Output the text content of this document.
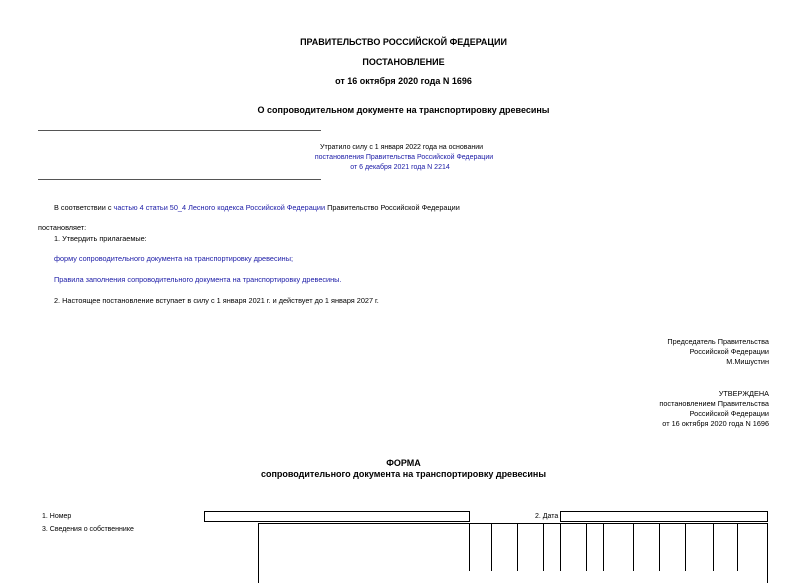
ПРАВИТЕЛЬСТВО РОССИЙСКОЙ ФЕДЕРАЦИИ
ПОСТАНОВЛЕНИЕ
от 16 октября 2020 года N 1696
О сопроводительном документе на транспортировку древесины
Утратило силу с 1 января 2022 года на основании
постановления Правительства Российской Федерации
от 6 декабря 2021 года N 2214
В соответствии с частью 4 статьи 50_4 Лесного кодекса Российской Федерации Правительство Российской Федерации
постановляет:
1. Утвердить прилагаемые:
форму сопроводительного документа на транспортировку древесины;
Правила заполнения сопроводительного документа на транспортировку древесины.
2. Настоящее постановление вступает в силу с 1 января 2021 г. и действует до 1 января 2027 г.
Председатель Правительства
Российской Федерации
М.Мишустин
УТВЕРЖДЕНА
постановлением Правительства
Российской Федерации
от 16 октября 2020 года N 1696
ФОРМА
сопроводительного документа на транспортировку древесины
1. Номер	2. Дата
3. Сведения о собственнике
